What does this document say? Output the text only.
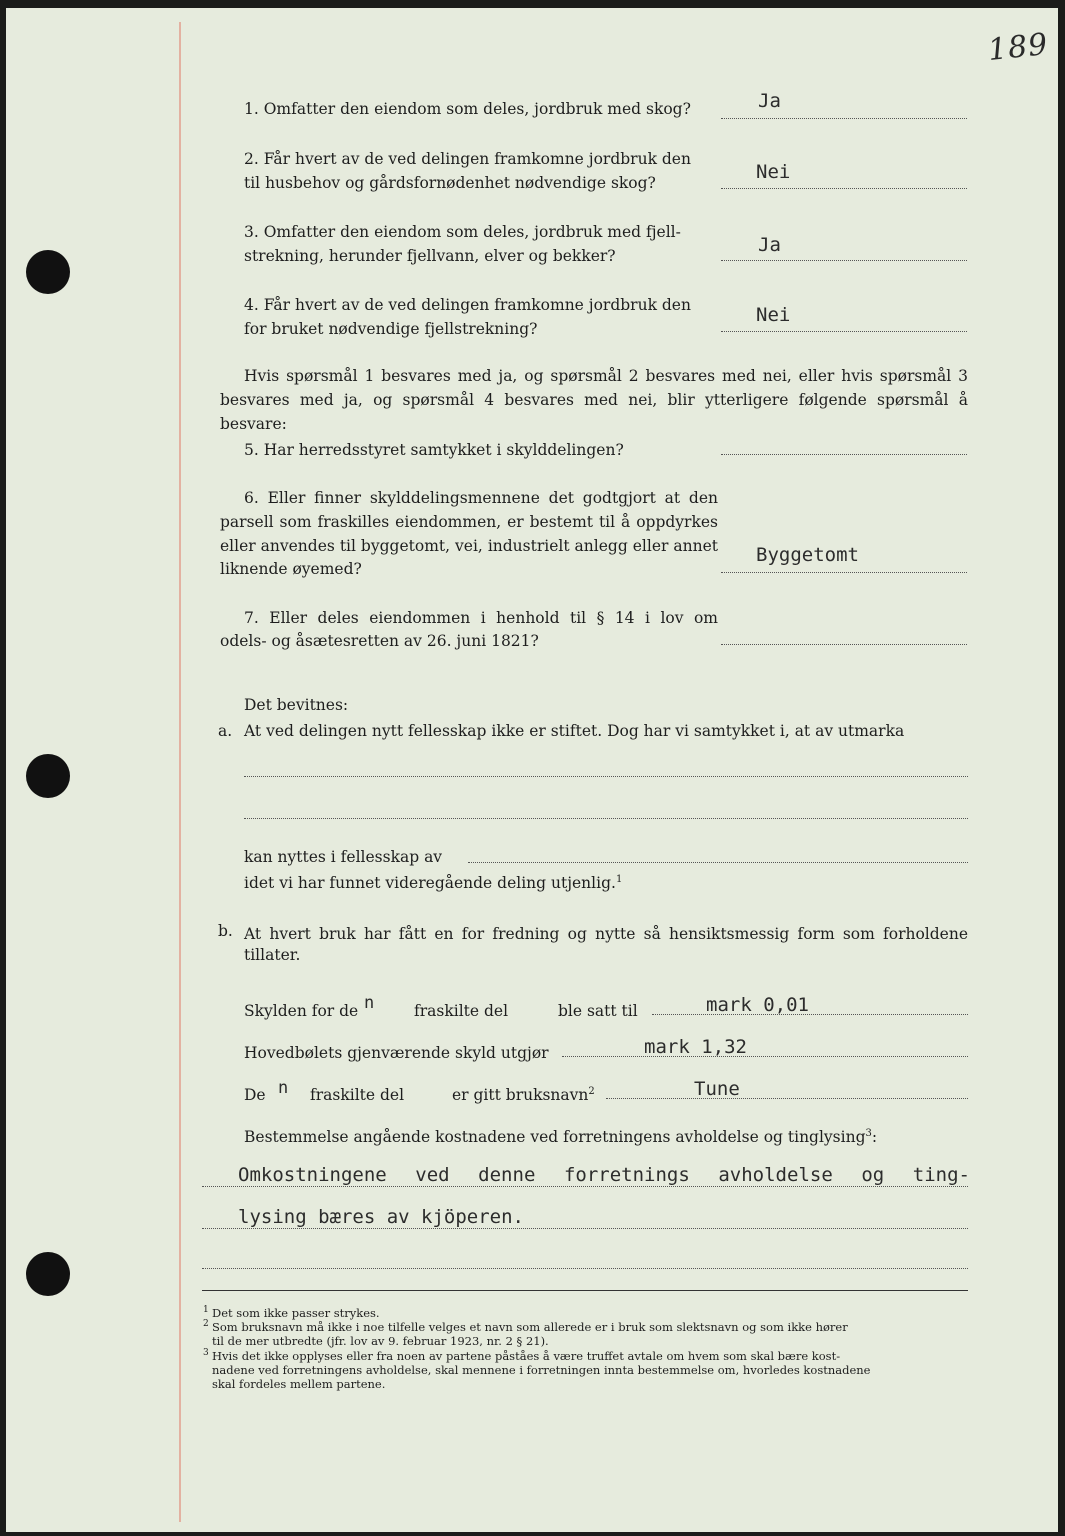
189
1. Omfatter den eiendom som deles, jordbruk med skog?	Ja
2. Får hvert av de ved delingen framkomne jordbruk den
til husbehov og gårdsfornødenhet nødvendige skog?	Nei
3. Omfatter den eiendom som deles, jordbruk med fjell-
strekning, herunder fjellvann, elver og bekker?	Ja
4. Får hvert av de ved delingen framkomne jordbruk den
for bruket nødvendige fjellstrekning?
Nei
Hvis spørsmål 1 besvares med ja, og spørsmål 2 besvares med nei, eller hvis spørsmål 3
besvares med ja, og spørsmål 4 besvares med nei, blir ytterligere følgende spørsmål å besvare:
5. Har herredsstyret samtykket i skylddelingen?
6. Eller finner skylddelingsmennene det godtgjort at den
parsell som fraskilles eiendommen, er bestemt til å oppdyrkes
eller anvendes til byggetomt, vei, industrielt anlegg eller annet
liknende øyemed?
Byggetomt
7. Eller deles eiendommen i henhold til § 14 i lov om
odels- og åsætesretten av 26. juni 1821?
Det bevitnes:
a. At ved delingen nytt fellesskap ikke er stiftet. Dog har vi samtykket i, at av utmarka
kan nyttes i fellesskap av
idet vi har funnet videregående deling utjenlig.$^1$
b. At hvert bruk har fått en for fredning og nytte så hensiktsmessig form som forholdene
tillater.
Skylden for de n	fraskilte del	ble satt til	mark 0,01
Hovedbølets gjenværende skyld utgjør	mark 1,32
De n fraskilte del	er gitt bruksnavn$^2$	Tune
Bestemmelse angående kostnadene ved forretningens avholdelse og tinglysing$^3$:
Omkostningene ved denne forretnings avholdelse og ting-
lysing bæres av kjöperen.
1 Det som ikke passer strykes.
2 Som bruksnavn må ikke i noe tilfelle velges et navn som allerede er i bruk som slektsnavn og som ikke hører
til de mer utbredte (jfr. lov av 9. februar 1923, nr. 2 § 21).
3 Hvis det ikke opplyses eller fra noen av partene påståes å være truffet avtale om hvem som skal bære kost-
nadene ved forretningens avholdelse, skal mennene i forretningen innta bestemmelse om, hvorledes kostnadene
skal fordeles mellem partene.
